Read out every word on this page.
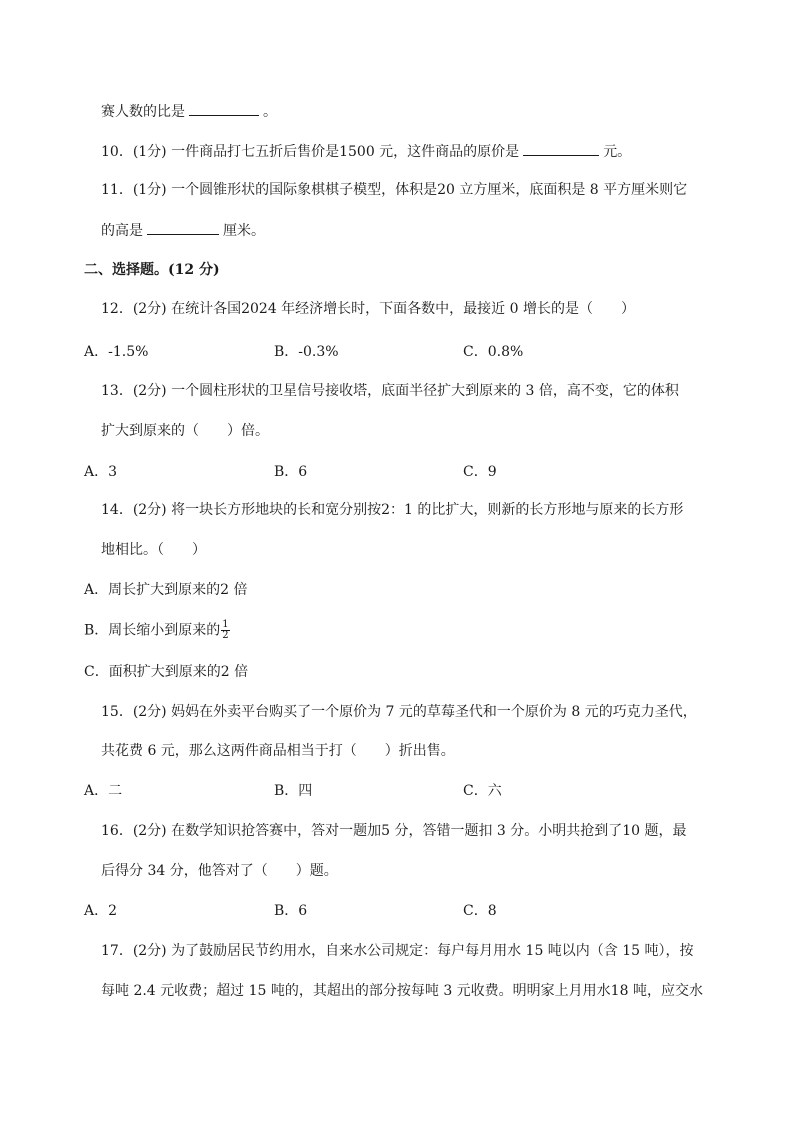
赛人数的比是	。
10．(1分) 一件商品打七五折后售价是1500 元，这件商品的原价是	元。
11．(1分) 一个圆锥形状的国际象棋棋子模型，体积是20 立方厘米，底面积是 8 平方厘米则它
的高是	厘米。
二、选择题。(12 分)
12．(2分) 在统计各国2024 年经济增长时，下面各数中，最接近 0 增长的是（　　）
A．-1.5%	B．-0.3%	C．0.8%
13．(2分) 一个圆柱形状的卫星信号接收塔，底面半径扩大到原来的 3 倍，高不变，它的体积
扩大到原来的（　　）倍。
A．3	B．6	C．9
14．(2分) 将一块长方形地块的长和宽分别按2：1 的比扩大，则新的长方形地与原来的长方形
地相比。（　　）
A．周长扩大到原来的2 倍
B．周长缩小到原来的 $\frac{1}{2}$
C．面积扩大到原来的2 倍
15．(2分) 妈妈在外卖平台购买了一个原价为 7 元的草莓圣代和一个原价为 8 元的巧克力圣代，
共花费 6 元，那么这两件商品相当于打（　　）折出售。
A．二	B．四	C．六
16．(2分) 在数学知识抢答赛中，答对一题加5 分，答错一题扣 3 分。小明共抢到了10 题，最
后得分 34 分，他答对了（　　）题。
A．2	B．6	C．8
17．(2分) 为了鼓励居民节约用水，自来水公司规定：每户每月用水 15 吨以内（含 15 吨），按
每吨 2.4 元收费；超过 15 吨的，其超出的部分按每吨 3 元收费。明明家上月用水18 吨，应交水
